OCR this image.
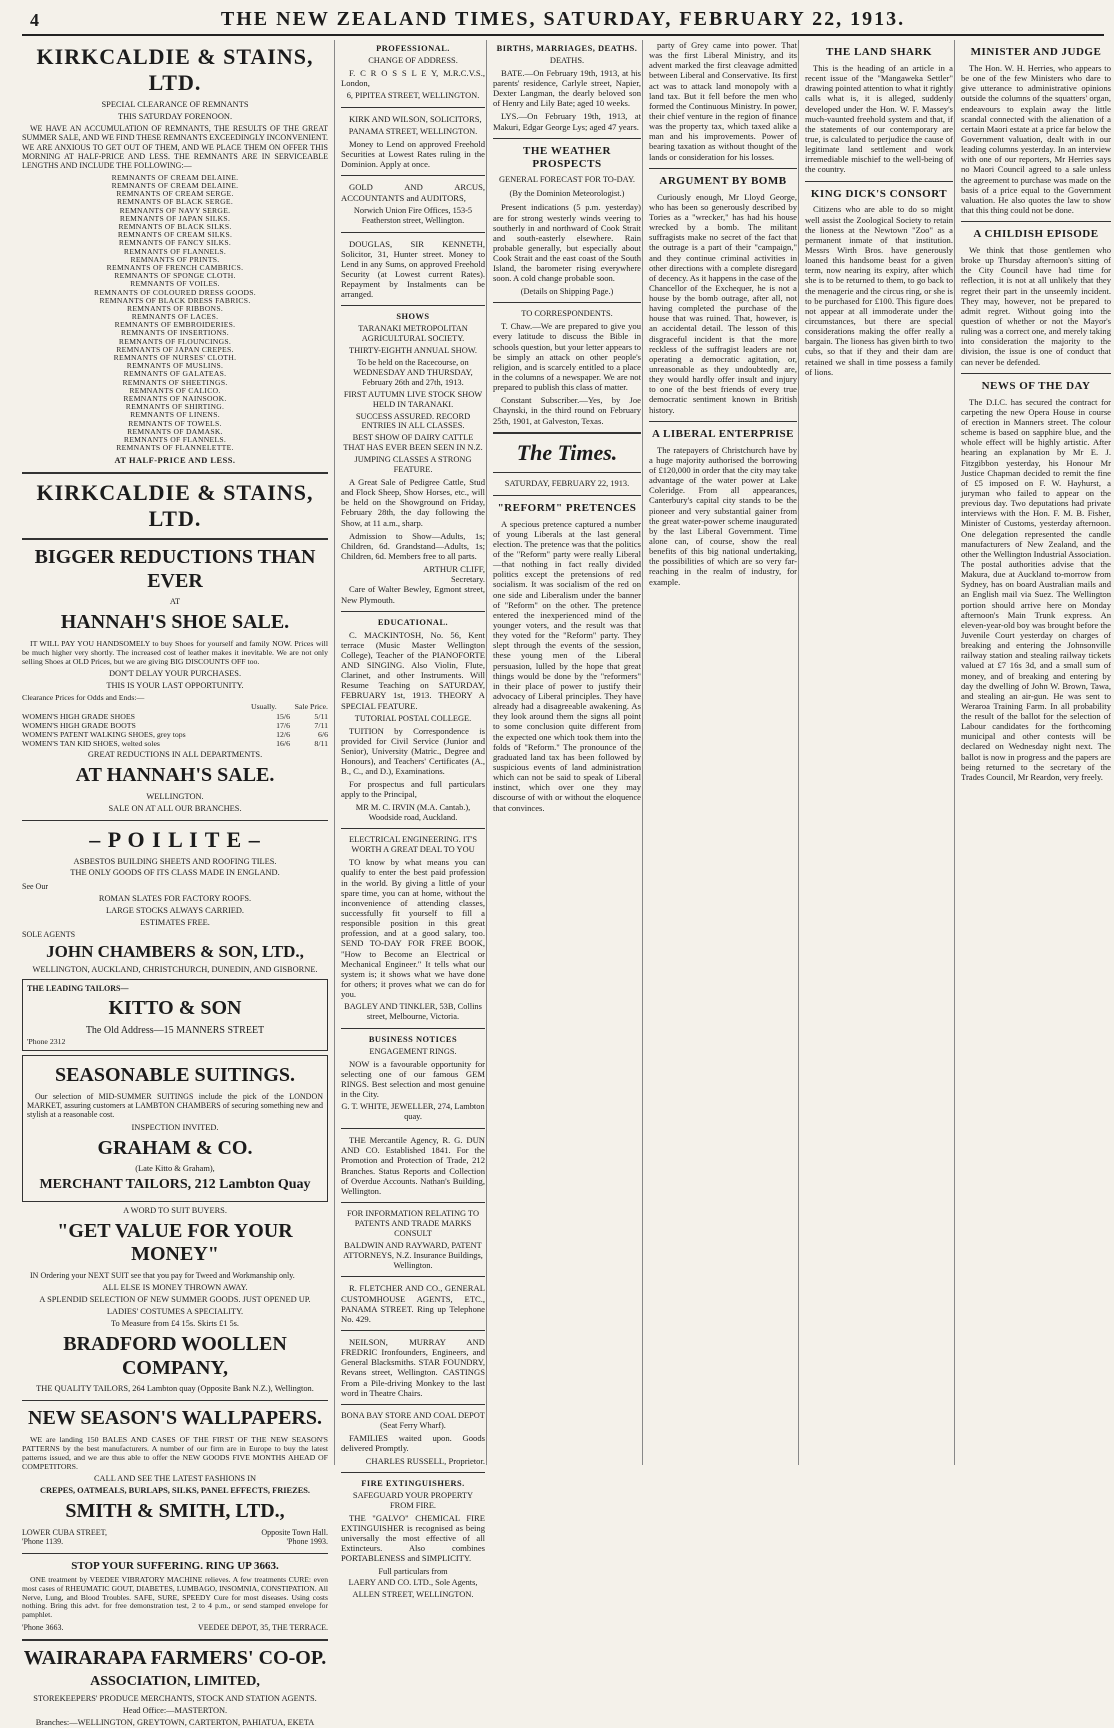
4	THE NEW ZEALAND TIMES, SATURDAY, FEBRUARY 22, 1913.
KIRKCALDIE & STAINS, LTD.
SPECIAL CLEARANCE OF REMNANTS
THIS SATURDAY FORENOON.

WE HAVE AN ACCUMULATION OF REMNANTS, THE RESULTS OF THE GREAT SUMMER SALE, AND WE FIND THESE REMNANTS EXCEEDINGLY INCONVENIENT. WE ARE ANXIOUS TO GET OUT OF THEM, AND WE PLACE THEM ON OFFER THIS MORNING AT HALF-PRICE AND LESS. THE REMNANTS ARE IN SERVICEABLE LENGTHS AND INCLUDE THE FOLLOWING:—

REMNANTS OF CREAM DELAINE.
REMNANTS OF CREAM DELAINE.
REMNANTS OF CREAM SERGE.
REMNANTS OF BLACK SERGE.
REMNANTS OF NAVY SERGE.
REMNANTS OF JAPAN SILKS.
REMNANTS OF BLACK SILKS.
REMNANTS OF CREAM SILKS.
REMNANTS OF FANCY SILKS.
REMNANTS OF FLANNELS.
REMNANTS OF PRINTS.
REMNANTS OF FRENCH CAMBRICS.
REMNANTS OF SPONGE CLOTH.
REMNANTS OF VOILES.
REMNANTS OF COLOURED DRESS GOODS.
REMNANTS OF BLACK DRESS FABRICS.
REMNANTS OF RIBBONS.
REMNANTS OF LACES.
REMNANTS OF EMBROIDERIES.
REMNANTS OF INSERTIONS.
REMNANTS OF FLOUNCINGS.
REMNANTS OF JAPAN CREPES.
REMNANTS OF NURSES' CLOTH.
REMNANTS OF MUSLINS.
REMNANTS OF GALATEAS.
REMNANTS OF SHEETINGS.
REMNANTS OF CALICO.
REMNANTS OF NAINSOOK.
REMNANTS OF SHIRTING.
REMNANTS OF LINENS.
REMNANTS OF TOWELS.
REMNANTS OF DAMASK.
REMNANTS OF FLANNELS.
REMNANTS OF FLANNELETTE.
AT HALF-PRICE AND LESS.
KIRKCALDIE & STAINS, LTD.
BIGGER REDUCTIONS THAN EVER
AT
HANNAH'S SHOE SALE.

IT WILL PAY YOU HANDSOMELY to buy Shoes for yourself and family NOW. Prices will be much higher very shortly. The increased cost of leather makes it inevitable. We are not only selling Shoes at OLD Prices, but we are giving BIG DISCOUNTS OFF too.

DON'T DELAY YOUR PURCHASES.
THIS IS YOUR LAST OPPORTUNITY.
Clearance Prices for Odds and Ends:—
Usually. Sale Price.
WOMEN'S HIGH GRADE SHOES	15/6	5/11
WOMEN'S HIGH GRADE BOOTS	17/6	7/11
WOMEN'S PATENT WALKING SHOES, grey tops	12/6	6/6
WOMEN'S TAN KID SHOES, welted soles	16/6	8/11
GREAT REDUCTIONS IN ALL DEPARTMENTS.
AT HANNAH'S SALE.
WELLINGTON.
SALE ON AT ALL OUR BRANCHES.
– P O I L I T E –
ASBESTOS BUILDING SHEETS AND ROOFING TILES.
THE ONLY GOODS OF ITS CLASS MADE IN ENGLAND.
See Our
ROMAN SLATES FOR FACTORY ROOFS.
LARGE STOCKS ALWAYS CARRIED.
ESTIMATES FREE.
SOLE AGENTS
JOHN CHAMBERS & SON, LTD.,
WELLINGTON, AUCKLAND, CHRISTCHURCH, DUNEDIN, AND GISBORNE.
THE LEADING TAILORS—
KITTO & SON
The Old Address—15 MANNERS STREET
'Phone 2312
SEASONABLE SUITINGS.

Our selection of MID-SUMMER SUITINGS include the pick of the LONDON MARKET, assuring customers at LAMBTON CHAMBERS of securing something new and stylish at a reasonable cost.

INSPECTION INVITED.
GRAHAM & CO.
(Late Kitto & Graham),
MERCHANT TAILORS, 212 Lambton Quay
A WORD TO SUIT BUYERS.
"GET VALUE FOR YOUR MONEY"

IN Ordering your NEXT SUIT see that you pay for Tweed and Workmanship only.

ALL ELSE IS MONEY THROWN AWAY.
A SPLENDID SELECTION OF NEW SUMMER GOODS. JUST OPENED UP.
LADIES' COSTUMES A SPECIALITY.
To Measure from £4 15s. Skirts £1 5s.
BRADFORD WOOLLEN COMPANY,
THE QUALITY TAILORS, 264 Lambton quay (Opposite Bank N.Z.), Wellington.
NEW SEASON'S WALLPAPERS.

WE are landing 150 BALES AND CASES OF THE FIRST OF THE NEW SEASON'S PATTERNS by the best manufacturers. A number of our firm are in Europe to buy the latest patterns issued, and we are thus able to offer the NEW GOODS FIVE MONTHS AHEAD OF COMPETITORS.

CALL AND SEE THE LATEST FASHIONS IN
CREPES, OATMEALS, BURLAPS, SILKS, PANEL EFFECTS, FRIEZES.
SMITH & SMITH, LTD.,
LOWER CUBA STREET,	Opposite Town Hall.
'Phone 1139.	'Phone 1993.
STOP YOUR SUFFERING. RING UP 3663.

ONE treatment by VEEDEE VIBRATORY MACHINE relieves. A few treatments CURE: even most cases of RHEUMATIC GOUT, DIABETES, LUMBAGO, INSOMNIA, CONSTIPATION. All Nerve, Lung, and Blood Troubles. SAFE, SURE, SPEEDY Cure for most diseases. Using costs nothing. Bring this advt. for free demonstration test, 2 to 4 p.m., or send stamped envelope for pamphlet.

'Phone 3663.	VEEDEE DEPOT, 35, THE TERRACE.
WAIRARAPA FARMERS' CO-OP.
ASSOCIATION, LIMITED,
STOREKEEPERS' PRODUCE MERCHANTS, STOCK AND STATION AGENTS.
Head Office:—MASTERTON.
Branches:—WELLINGTON, GREYTOWN, CARTERTON, PAHIATUA, EKETA
PROFESSIONAL.
CHANGE OF ADDRESS.

F. C R O S S L E Y, M.R.C.V.S., London,

6, PIPITEA STREET, WELLINGTON.

KIRK AND WILSON, SOLICITORS,

PANAMA STREET, WELLINGTON.

Money to Lend on approved Freehold Securities at Lowest Rates ruling in the Dominion. Apply at once.

GOLD AND ARCUS, ACCOUNTANTS and AUDITORS,

Norwich Union Fire Offices, 153-5 Featherston street, Wellington.

DOUGLAS, SIR KENNETH, Solicitor, 31, Hunter street. Money to Lend in any Sums, on approved Freehold Security (at Lowest current Rates). Repayment by Instalments can be arranged.

SHOWS
TARANAKI METROPOLITAN AGRICULTURAL SOCIETY.
THIRTY-EIGHTH ANNUAL SHOW.
To be held on the Racecourse, on WEDNESDAY AND THURSDAY, February 26th and 27th, 1913.
FIRST AUTUMN LIVE STOCK SHOW HELD IN TARANAKI.
SUCCESS ASSURED. RECORD ENTRIES IN ALL CLASSES.
BEST SHOW OF DAIRY CATTLE THAT HAS EVER BEEN SEEN IN N.Z.
JUMPING CLASSES A STRONG FEATURE.

A Great Sale of Pedigree Cattle, Stud and Flock Sheep, Show Horses, etc., will be held on the Showground on Friday, February 28th, the day following the Show, at 11 a.m., sharp.

Admission to Show—Adults, 1s; Children, 6d. Grandstand—Adults, 1s; Children, 6d. Members free to all parts.

ARTHUR CLIFF,
Secretary.

Care of Walter Bewley, Egmont street, New Plymouth.

EDUCATIONAL.

C. MACKINTOSH, No. 56, Kent terrace (Music Master Wellington College), Teacher of the PIANOFORTE AND SINGING. Also Violin, Flute, Clarinet, and other Instruments. Will Resume Teaching on SATURDAY, FEBRUARY 1st, 1913. THEORY A SPECIAL FEATURE.

TUTORIAL POSTAL COLLEGE.

TUITION by Correspondence is provided for Civil Service (Junior and Senior), University (Matric., Degree and Honours), and Teachers' Certificates (A., B., C., and D.), Examinations.

For prospectus and full particulars apply to the Principal,

MR M. C. IRVIN (M.A. Cantab.), Woodside road, Auckland.
ELECTRICAL ENGINEERING. IT'S WORTH A GREAT DEAL TO YOU

TO know by what means you can qualify to enter the best paid profession in the world. By giving a little of your spare time, you can at home, without the inconvenience of attending classes, successfully fit yourself to fill a responsible position in this great profession, and at a good salary, too. SEND TO-DAY FOR FREE BOOK, "How to Become an Electrical or Mechanical Engineer." It tells what our system is; it shows what we have done for others; it proves what we can do for you.

BAGLEY AND TINKLER, 53B, Collins street, Melbourne, Victoria.
BUSINESS NOTICES
ENGAGEMENT RINGS.

NOW is a favourable opportunity for selecting one of our famous GEM RINGS. Best selection and most genuine in the City.

G. T. WHITE, JEWELLER, 274, Lambton quay.

THE Mercantile Agency, R. G. DUN AND CO. Established 1841. For the Promotion and Protection of Trade, 212 Branches. Status Reports and Collection of Overdue Accounts. Nathan's Building, Wellington.

FOR INFORMATION RELATING TO PATENTS AND TRADE MARKS CONSULT
BALDWIN AND RAYWARD, PATENT ATTORNEYS, N.Z. Insurance Buildings, Wellington.

R. FLETCHER AND CO., GENERAL CUSTOMHOUSE AGENTS, ETC., PANAMA STREET. Ring up Telephone No. 429.

NEILSON, MURRAY AND FREDRIC Ironfounders, Engineers, and General Blacksmiths. STAR FOUNDRY, Revans street, Wellington. CASTINGS From a Pile-driving Monkey to the last word in Theatre Chairs.

BONA BAY STORE AND COAL DEPOT (Seat Ferry Wharf).

FAMILIES waited upon. Goods delivered Promptly.

CHARLES RUSSELL, Proprietor.
FIRE EXTINGUISHERS.
SAFEGUARD YOUR PROPERTY FROM FIRE.

THE "GALVO" CHEMICAL FIRE EXTINGUISHER is recognised as being universally the most effective of all Extincteurs. Also combines PORTABLENESS and SIMPLICITY.

Full particulars from
LAERY AND CO. LTD., Sole Agents,
ALLEN STREET, WELLINGTON.
BIRTHS, MARRIAGES, DEATHS.
DEATHS.

BATE.—On February 19th, 1913, at his parents' residence, Carlyle street, Napier, Dexter Langman, the dearly beloved son of Henry and Lily Bate; aged 10 weeks.

LYS.—On February 19th, 1913, at Makuri, Edgar George Lys; aged 47 years.

THE WEATHER PROSPECTS
GENERAL FORECAST FOR TO-DAY.
(By the Dominion Meteorologist.)

Present indications (5 p.m. yesterday) are for strong westerly winds veering to southerly in and northward of Cook Strait and south-easterly elsewhere. Rain probable generally, but especially about Cook Strait and the east coast of the South Island, the barometer rising everywhere soon. A cold change probable soon.

(Details on Shipping Page.)
TO CORRESPONDENTS.

T. Chaw.—We are prepared to give you every latitude to discuss the Bible in schools question, but your letter appears to be simply an attack on other people's religion, and is scarcely entitled to a place in the columns of a newspaper. We are not prepared to publish this class of matter.

Constant Subscriber.—Yes, by Joe Chaynski, in the third round on February 25th, 1901, at Galveston, Texas.

The Times.
SATURDAY, FEBRUARY 22, 1913.
"REFORM" PRETENCES

A specious pretence captured a number of young Liberals at the last general election. The pretence was that the politics of the "Reform" party were really Liberal—that nothing in fact really divided politics except the pretensions of red socialism. It was socialism of the red on one side and Liberalism under the banner of "Reform" on the other. The pretence entered the inexperienced mind of the younger voters, and the result was that they voted for the "Reform" party. They slept through the events of the session, these young men of the Liberal persuasion, lulled by the hope that great things would be done by the "reformers" in their place of power to justify their advocacy of Liberal principles. They have already had a disagreeable awakening. As they look around them the signs all point to some conclusion quite different from the expected one which took them into the folds of "Reform." The pronounce of the graduated land tax has been followed by suspicious events of land administration which can not be said to speak of Liberal instinct, which over one they may discourse of with or without the eloquence that convinces.

party of Grey came into power. That was the first Liberal Ministry, and its advent marked the first cleavage admitted between Liberal and Conservative. Its first act was to attack land monopoly with a land tax. But it fell before the men who formed the Continuous Ministry. In power, their chief venture in the region of finance was the property tax, which taxed alike a man and his improvements. Power of bearing taxation as without thought of the lands or consideration for his losses.

ARGUMENT BY BOMB

Curiously enough, Mr Lloyd George, who has been so generously described by Tories as a "wrecker," has had his house wrecked by a bomb. The militant suffragists make no secret of the fact that the outrage is a part of their "campaign," and they continue criminal activities in other directions with a complete disregard of decency. As it happens in the case of the Chancellor of the Exchequer, he is not a house by the bomb outrage, after all, not having completed the purchase of the house that was ruined. That, however, is an accidental detail. The lesson of this disgraceful incident is that the more reckless of the suffragist leaders are not operating a democratic agitation, or, unreasonable as they undoubtedly are, they would hardly offer insult and injury to one of the best friends of every true democratic sentiment known in British history.

A LIBERAL ENTERPRISE

The ratepayers of Christchurch have by a huge majority authorised the borrowing of £120,000 in order that the city may take advantage of the water power at Lake Coleridge. From all appearances, Canterbury's capital city stands to be the pioneer and very substantial gainer from the great water-power scheme inaugurated by the last Liberal Government. Time alone can, of course, show the real benefits of this big national undertaking, the possibilities of which are so very far-reaching in the realm of industry, for example.

THE LAND SHARK

This is the heading of an article in a recent issue of the "Mangaweka Settler" drawing pointed attention to what it rightly calls what is, it is alleged, suddenly developed under the Hon. W. F. Massey's much-vaunted freehold system and that, if the statements of our contemporary are true, is calculated to perjudice the cause of legitimate land settlement and work irremediable mischief to the well-being of the country.

KING DICK'S CONSORT

Citizens who are able to do so might well assist the Zoological Society to retain the lioness at the Newtown "Zoo" as a permanent inmate of that institution. Messrs Wirth Bros. have generously loaned this handsome beast for a given term, now nearing its expiry, after which she is to be returned to them, to go back to the menagerie and the circus ring, or she is to be purchased for £100. This figure does not appear at all immoderate under the circumstances, but there are special considerations making the offer really a bargain. The lioness has given birth to two cubs, so that if they and their dam are retained we shall in time possess a family of lions.

MINISTER AND JUDGE

The Hon. W. H. Herries, who appears to be one of the few Ministers who dare to give utterance to administrative opinions outside the columns of the squatters' organ, endeavours to explain away the little scandal connected with the alienation of a certain Maori estate at a price far below the Government valuation, dealt with in our leading columns yesterday. In an interview with one of our reporters, Mr Herries says no Maori Council agreed to a sale unless the agreement to purchase was made on the basis of a price equal to the Government valuation. He also quotes the law to show that this thing could not be done.

A CHILDISH EPISODE

We think that those gentlemen who broke up Thursday afternoon's sitting of the City Council have had time for reflection, it is not at all unlikely that they regret their part in the unseemly incident. They may, however, not be prepared to admit regret. Without going into the question of whether or not the Mayor's ruling was a correct one, and merely taking into consideration the majority to the division, the issue is one of conduct that can never be defended.

NEWS OF THE DAY

The D.I.C. has secured the contract for carpeting the new Opera House in course of erection in Manners street. The colour scheme is based on sapphire blue, and the whole effect will be highly artistic. After hearing an explanation by Mr E. J. Fitzgibbon yesterday, his Honour Mr Justice Chapman decided to remit the fine of £5 imposed on F. W. Hayhurst, a juryman who failed to appear on the previous day. Two deputations had private interviews with the Hon. F. M. B. Fisher, Minister of Customs, yesterday afternoon. One delegation represented the candle manufacturers of New Zealand, and the other the Wellington Industrial Association. The postal authorities advise that the Makura, due at Auckland to-morrow from Sydney, has on board Australian mails and an English mail via Suez. The Wellington portion should arrive here on Monday afternoon's Main Trunk express. An eleven-year-old boy was brought before the Juvenile Court yesterday on charges of breaking and entering the Johnsonville railway station and stealing railway tickets valued at £7 16s 3d, and a small sum of money, and of breaking and entering by day the dwelling of John W. Brown, Tawa, and stealing an air-gun. He was sent to Weraroa Training Farm. In all probability the result of the ballot for the selection of Labour candidates for the forthcoming municipal and other contests will be declared on Wednesday night next. The ballot is now in progress and the papers are being returned to the secretary of the Trades Council, Mr Reardon, very freely.
